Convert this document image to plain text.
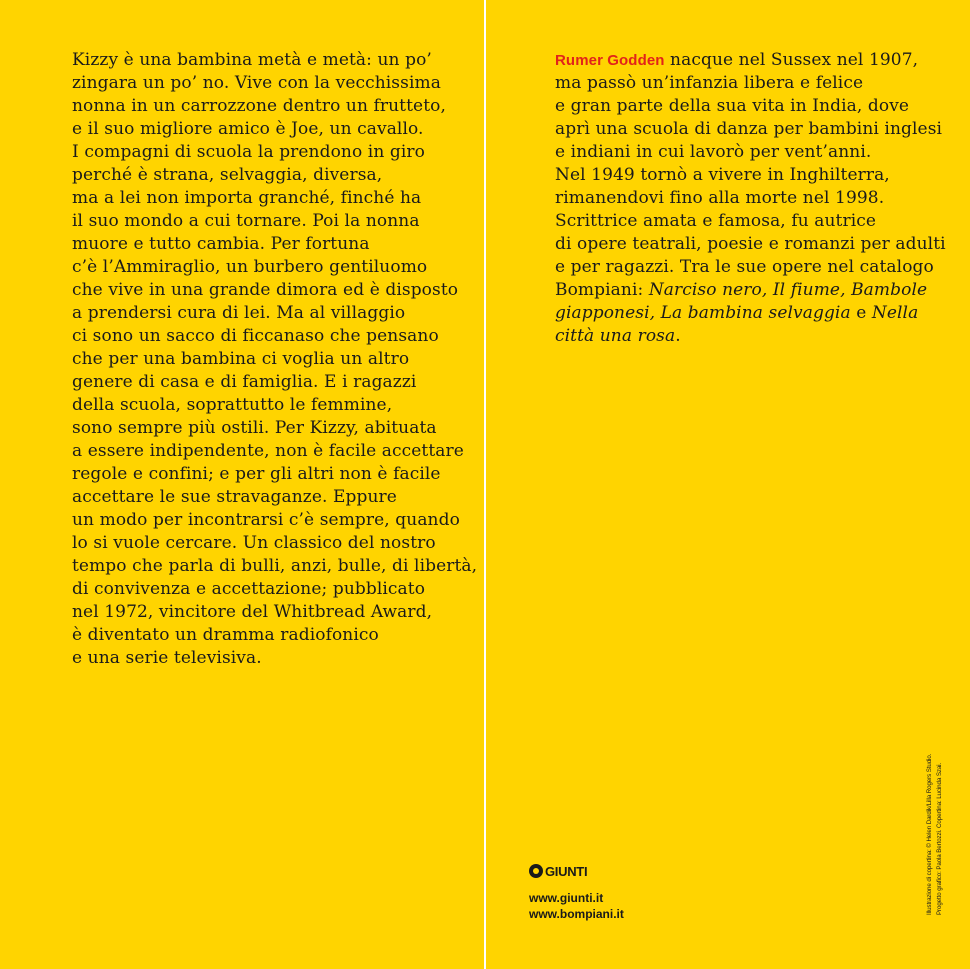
Kizzy è una bambina metà e metà: un po’
zingara un po’ no. Vive con la vecchissima
nonna in un carrozzone dentro un frutteto,
e il suo migliore amico è Joe, un cavallo.
I compagni di scuola la prendono in giro
perché è strana, selvaggia, diversa,
ma a lei non importa granché, finché ha
il suo mondo a cui tornare. Poi la nonna
muore e tutto cambia. Per fortuna
c’è l’Ammiraglio, un burbero gentiluomo
che vive in una grande dimora ed è disposto
a prendersi cura di lei. Ma al villaggio
ci sono un sacco di ficcanaso che pensano
che per una bambina ci voglia un altro
genere di casa e di famiglia. E i ragazzi
della scuola, soprattutto le femmine,
sono sempre più ostili. Per Kizzy, abituata
a essere indipendente, non è facile accettare
regole e confini; e per gli altri non è facile
accettare le sue stravaganze. Eppure
un modo per incontrarsi c’è sempre, quando
lo si vuole cercare. Un classico del nostro
tempo che parla di bulli, anzi, bulle, di libertà,
di convivenza e accettazione; pubblicato
nel 1972, vincitore del Whitbread Award,
è diventato un dramma radiofonico
e una serie televisiva.
Rumer Godden nacque nel Sussex nel 1907,
ma passò un’infanzia libera e felice
e gran parte della sua vita in India, dove
aprì una scuola di danza per bambini inglesi
e indiani in cui lavorò per vent’anni.
Nel 1949 tornò a vivere in Inghilterra,
rimanendovi fino alla morte nel 1998.
Scrittrice amata e famosa, fu autrice
di opere teatrali, poesie e romanzi per adulti
e per ragazzi. Tra le sue opere nel catalogo
Bompiani: Narciso nero, Il fiume, Bambole
giapponesi, La bambina selvaggia e Nella
città una rosa.
GIUNTI
www.giunti.it
www.bompiani.it	Illustrazione di copertina: © Helen Dardik/Lilla Rogers Studio. Progetto grafico: Paola Bertozzi. Copertina: Lucinda Szai.
